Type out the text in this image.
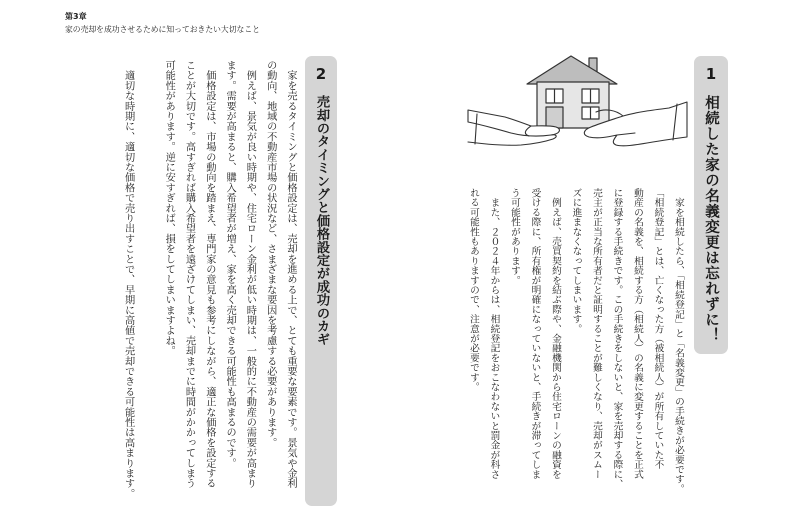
第3章
家の売却を成功させるために知っておきたい大切なこと
1
相続した家の名義変更は忘れずに！
　家を相続したら、「相続登記」と「名義変更」の手続きが必要です。
「相続登記」とは、亡くなった方（被相続人）が所有していた不
動産の名義を、相続する方（相続人）の名義に変更することを正式
に登録する手続きです。この手続きをしないと、家を売却する際に、
売主が正当な所有者だと証明することが難しくなり、売却がスムー
ズに進まなくなってしまいます。
　例えば、売買契約を結ぶ際や、金融機関から住宅ローンの融資を
受ける際に、所有権が明確になっていないと、手続きが滞ってしま
う可能性があります。
　また、２０２４年からは、相続登記をおこなわないと罰金が科さ
れる可能性もありますので、注意が必要です。
2
売却のタイミングと価格設定が成功のカギ
　家を売るタイミングと価格設定は、売却を進める上で、とても重要な要素です。景気や金利
の動向、地域の不動産市場の状況など、さまざまな要因を考慮する必要があります。
　例えば、景気が良い時期や、住宅ローン金利が低い時期は、一般的に不動産の需要が高まり
ます。需要が高まると、購入希望者が増え、家を高く売却できる可能性も高まるのです。
　価格設定は、市場の動向を踏まえ、専門家の意見も参考にしながら、適正な価格を設定する
ことが大切です。高すぎれば購入希望者を遠ざけてしまい、売却までに時間がかかってしまう
可能性があります。逆に安すぎれば、損をしてしまいますよね。
　適切な時期に、適切な価格で売り出すことで、早期に高値で売却できる可能性は高まります。
